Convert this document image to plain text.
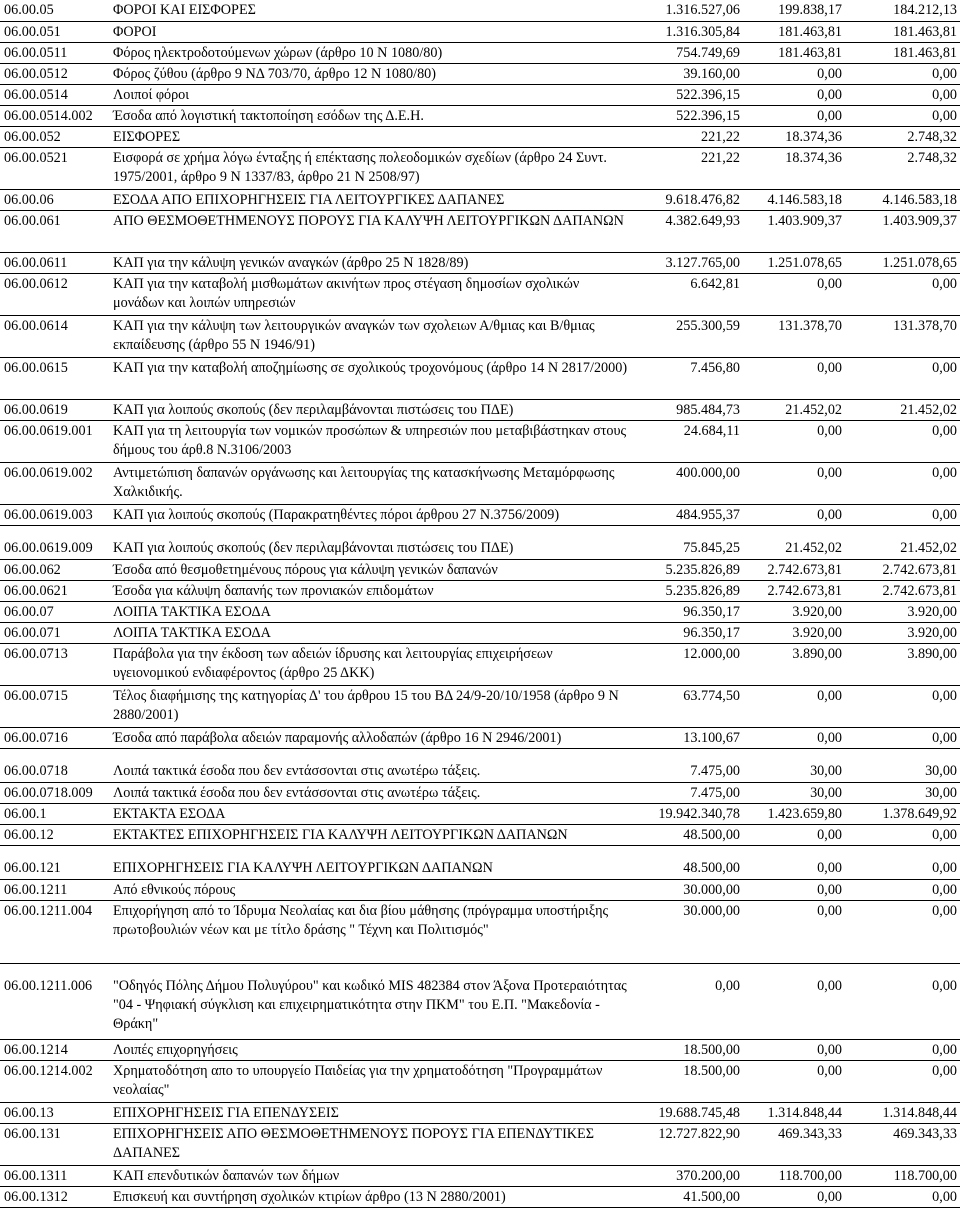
06.00.05	ΦΟΡΟΙ ΚΑΙ ΕΙΣΦΟΡΕΣ	1.316.527,06	199.838,17	184.212,13
06.00.051	ΦΟΡΟΙ	1.316.305,84	181.463,81	181.463,81
06.00.0511	Φόρος ηλεκτροδοτούμενων χώρων (άρθρο 10 Ν 1080/80)	754.749,69	181.463,81	181.463,81
06.00.0512	Φόρος ζύθου (άρθρο 9 ΝΔ 703/70, άρθρο 12 Ν 1080/80)	39.160,00	0,00	0,00
06.00.0514	Λοιποί φόροι	522.396,15	0,00	0,00
06.00.0514.002	Έσοδα από λογιστική τακτοποίηση εσόδων της Δ.Ε.Η.	522.396,15	0,00	0,00
06.00.052	ΕΙΣΦΟΡΕΣ	221,22	18.374,36	2.748,32
06.00.0521	Εισφορά σε χρήμα λόγω ένταξης ή επέκτασης πολεοδομικών σχεδίων (άρθρο 24 Συντ. 1975/2001, άρθρο 9 Ν 1337/83, άρθρο 21 Ν 2508/97)	221,22	18.374,36	2.748,32
06.00.06	ΕΣΟΔΑ ΑΠΟ ΕΠΙΧΟΡΗΓΗΣΕΙΣ ΓΙΑ ΛΕΙΤΟΥΡΓΙΚΕΣ ΔΑΠΑΝΕΣ	9.618.476,82	4.146.583,18	4.146.583,18
06.00.061	ΑΠΟ ΘΕΣΜΟΘΕΤΗΜΕΝΟΥΣ ΠΟΡΟΥΣ ΓΙΑ ΚΑΛΥΨΗ ΛΕΙΤΟΥΡΓΙΚΩΝ ΔΑΠΑΝΩΝ	4.382.649,93	1.403.909,37	1.403.909,37
06.00.0611	ΚΑΠ για την κάλυψη γενικών αναγκών (άρθρο 25 Ν 1828/89)	3.127.765,00	1.251.078,65	1.251.078,65
06.00.0612	ΚΑΠ για την καταβολή μισθωμάτων ακινήτων προς στέγαση δημοσίων σχολικών μονάδων και λοιπών υπηρεσιών	6.642,81	0,00	0,00
06.00.0614	ΚΑΠ για την κάλυψη των λειτουργικών αναγκών των σχολειων Α/θμιας και Β/θμιας εκπαίδευσης (άρθρο 55 Ν 1946/91)	255.300,59	131.378,70	131.378,70
06.00.0615	ΚΑΠ για την καταβολή αποζημίωσης σε σχολικούς τροχονόμους (άρθρο 14 Ν 2817/2000)	7.456,80	0,00	0,00
06.00.0619	ΚΑΠ για λοιπούς σκοπούς (δεν περιλαμβάνονται πιστώσεις του ΠΔΕ)	985.484,73	21.452,02	21.452,02
06.00.0619.001	ΚΑΠ για τη λειτουργία των νομικών προσώπων & υπηρεσιών που μεταβιβάστηκαν στους δήμους του άρθ.8 Ν.3106/2003	24.684,11	0,00	0,00
06.00.0619.002	Αντιμετώπιση δαπανών οργάνωσης και λειτουργίας της κατασκήνωσης Μεταμόρφωσης Χαλκιδικής.	400.000,00	0,00	0,00
06.00.0619.003	ΚΑΠ για λοιπούς σκοπούς (Παρακρατηθέντες πόροι άρθρου 27 Ν.3756/2009)	484.955,37	0,00	0,00

06.00.0619.009	ΚΑΠ για λοιπούς σκοπούς (δεν περιλαμβάνονται πιστώσεις του ΠΔΕ)	75.845,25	21.452,02	21.452,02
06.00.062	Έσοδα από θεσμοθετημένους πόρους για κάλυψη γενικών δαπανών	5.235.826,89	2.742.673,81	2.742.673,81
06.00.0621	Έσοδα για κάλυψη δαπανής των προνιακών επιδομάτων	5.235.826,89	2.742.673,81	2.742.673,81
06.00.07	ΛΟΙΠΑ ΤΑΚΤΙΚΑ ΕΣΟΔΑ	96.350,17	3.920,00	3.920,00
06.00.071	ΛΟΙΠΑ ΤΑΚΤΙΚΑ ΕΣΟΔΑ	96.350,17	3.920,00	3.920,00
06.00.0713	Παράβολα για την έκδοση των αδειών ίδρυσης και λειτουργίας επιχειρήσεων υγειονομικού ενδιαφέροντος (άρθρο 25 ΔΚΚ)	12.000,00	3.890,00	3.890,00
06.00.0715	Τέλος διαφήμισης της κατηγορίας Δ' του άρθρου 15 του ΒΔ 24/9-20/10/1958 (άρθρο 9 Ν 2880/2001)	63.774,50	0,00	0,00
06.00.0716	Έσοδα από παράβολα αδειών παραμονής αλλοδαπών (άρθρο 16 Ν 2946/2001)	13.100,67	0,00	0,00

06.00.0718	Λοιπά τακτικά έσοδα που δεν εντάσσονται στις ανωτέρω τάξεις.	7.475,00	30,00	30,00
06.00.0718.009	Λοιπά τακτικά έσοδα που δεν εντάσσονται στις ανωτέρω τάξεις.	7.475,00	30,00	30,00
06.00.1	ΕΚΤΑΚΤΑ ΕΣΟΔΑ	19.942.340,78	1.423.659,80	1.378.649,92
06.00.12	ΕΚΤΑΚΤΕΣ ΕΠΙΧΟΡΗΓΗΣΕΙΣ ΓΙΑ ΚΑΛΥΨΗ ΛΕΙΤΟΥΡΓΙΚΩΝ ΔΑΠΑΝΩΝ	48.500,00	0,00	0,00

06.00.121	ΕΠΙΧΟΡΗΓΗΣΕΙΣ ΓΙΑ ΚΑΛΥΨΗ ΛΕΙΤΟΥΡΓΙΚΩΝ ΔΑΠΑΝΩΝ	48.500,00	0,00	0,00
06.00.1211	Από εθνικούς πόρους	30.000,00	0,00	0,00
06.00.1211.004	Επιχορήγηση από το Ίδρυμα Νεολαίας και δια βίου μάθησης (πρόγραμμα υποστήριξης πρωτοβουλιών νέων και με τίτλο δράσης " Τέχνη και Πολιτισμός"	30.000,00	0,00	0,00

06.00.1211.006	"Οδηγός Πόλης Δήμου Πολυγύρου" και κωδικό MIS 482384 στον Άξονα Προτεραιότητας "04 - Ψηφιακή σύγκλιση και επιχειρηματικότητα στην ΠΚΜ" του Ε.Π. "Μακεδονία - Θράκη"	0,00	0,00	0,00
06.00.1214	Λοιπές επιχορηγήσεις	18.500,00	0,00	0,00
06.00.1214.002	Χρηματοδότηση απο το υπουργείο Παιδείας για την χρηματοδότηση "Προγραμμάτων νεολαίας"	18.500,00	0,00	0,00
06.00.13	ΕΠΙΧΟΡΗΓΗΣΕΙΣ ΓΙΑ ΕΠΕΝΔΥΣΕΙΣ	19.688.745,48	1.314.848,44	1.314.848,44
06.00.131	ΕΠΙΧΟΡΗΓΗΣΕΙΣ ΑΠΟ ΘΕΣΜΟΘΕΤΗΜΕΝΟΥΣ ΠΟΡΟΥΣ ΓΙΑ ΕΠΕΝΔΥΤΙΚΕΣ ΔΑΠΑΝΕΣ	12.727.822,90	469.343,33	469.343,33
06.00.1311	ΚΑΠ επενδυτικών δαπανών των δήμων	370.200,00	118.700,00	118.700,00
06.00.1312	Επισκευή και συντήρηση σχολικών κτιρίων άρθρο (13 Ν 2880/2001)	41.500,00	0,00	0,00
